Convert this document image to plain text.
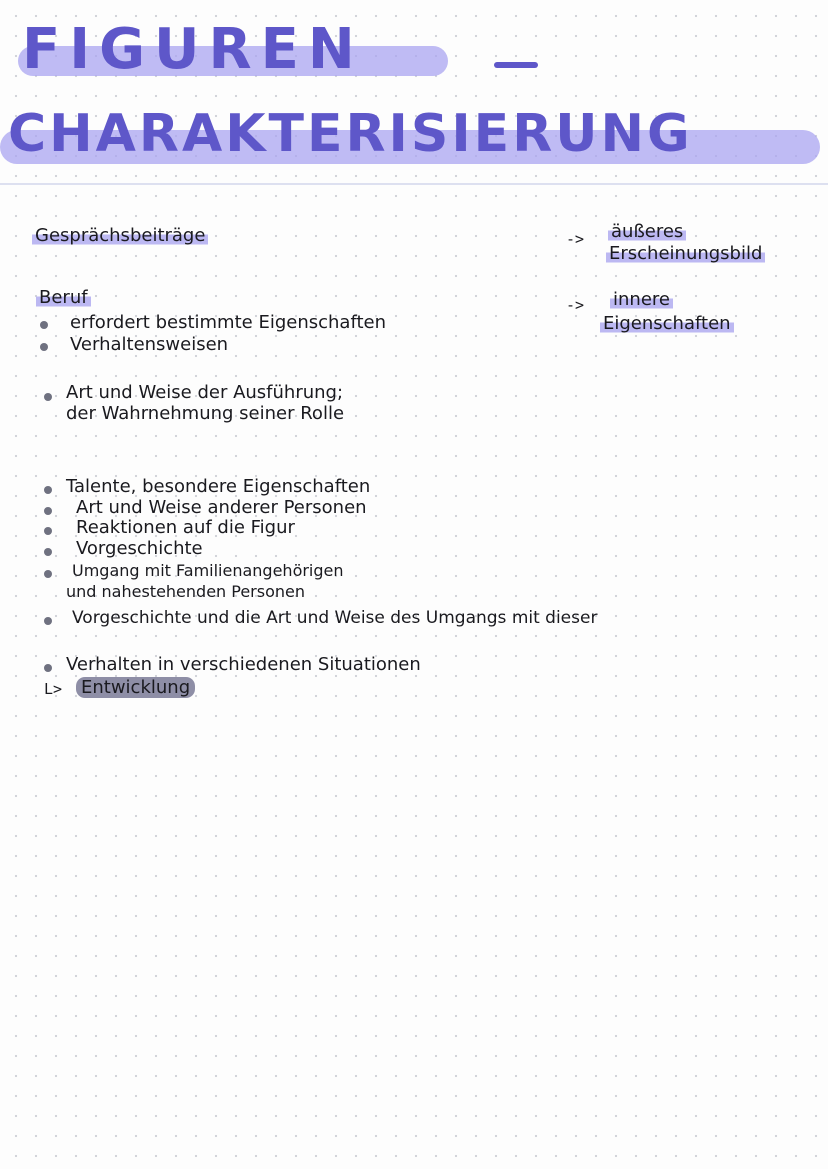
FIGUREN
CHARAKTERISIERUNG
Gesprächsbeiträge	-> äußeres
Erscheinungsbild
-> innere
Eigenschaften
Beruf
erfordert bestimmte Eigenschaften
Verhaltensweisen
Art und Weise der Ausführung;
der Wahrnehmung seiner Rolle
Talente, besondere Eigenschaften
Art und Weise anderer Personen
Reaktionen auf die Figur
Vorgeschichte
Umgang mit Familienangehörigen
und nahestehenden Personen
Vorgeschichte und die Art und Weise des Umgangs mit dieser
Verhalten in verschiedenen Situationen
L> Entwicklung
